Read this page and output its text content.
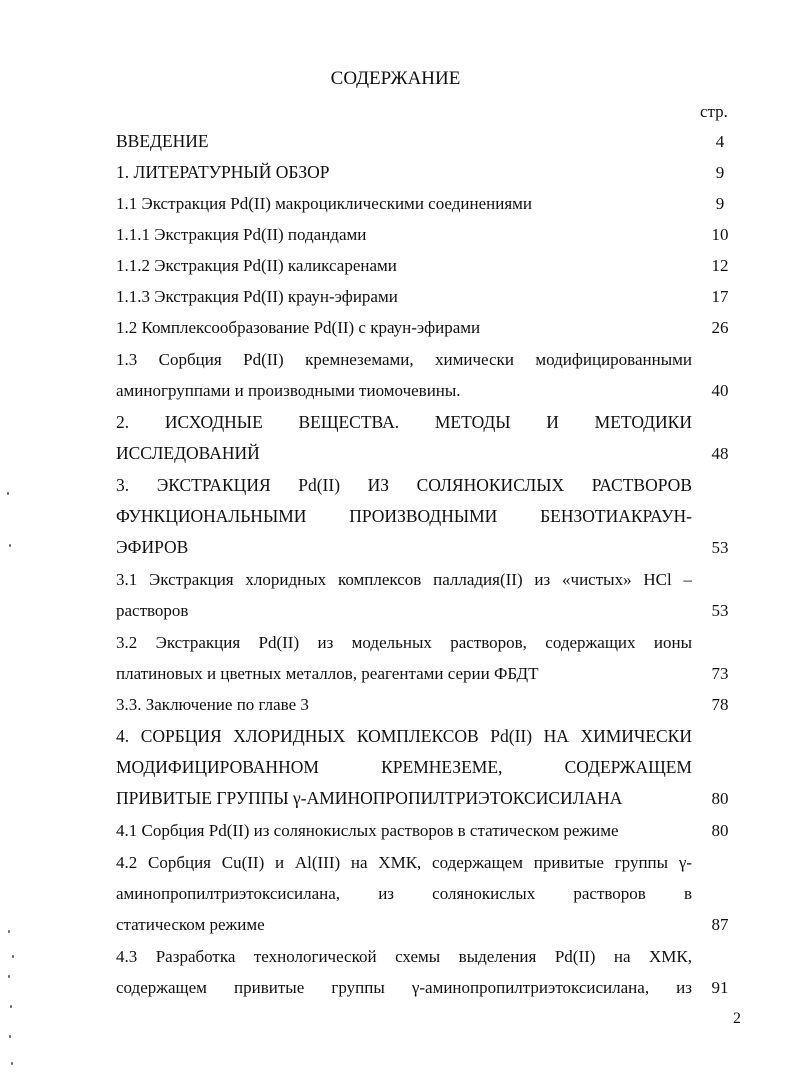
СОДЕРЖАНИЕ
стр.
ВВЕДЕНИЕ	4
1. ЛИТЕРАТУРНЫЙ ОБЗОР	9
1.1 Экстракция Pd(II) макроциклическими соединениями	9
1.1.1 Экстракция Pd(II) подандами	10
1.1.2 Экстракция Pd(II) каликсаренами	12
1.1.3 Экстракция Pd(II) краун-эфирами	17
1.2 Комплексообразование Pd(II) с краун-эфирами	26
1.3 Сорбция Pd(II) кремнеземами, химически модифицированными
аминогруппами и производными тиомочевины.	40
2. ИСХОДНЫЕ ВЕЩЕСТВА. МЕТОДЫ И МЕТОДИКИ
ИССЛЕДОВАНИЙ	48
3. ЭКСТРАКЦИЯ Pd(II) ИЗ СОЛЯНОКИСЛЫХ РАСТВОРОВ
ФУНКЦИОНАЛЬНЫМИ ПРОИЗВОДНЫМИ БЕНЗОТИАКРАУН-
ЭФИРОВ	53
3.1 Экстракция хлоридных комплексов палладия(II) из «чистых» HCl –
растворов	53
3.2 Экстракция Pd(II) из модельных растворов, содержащих ионы
платиновых и цветных металлов, реагентами серии ФБДТ	73
3.3. Заключение по главе 3	78
4. СОРБЦИЯ ХЛОРИДНЫХ КОМПЛЕКСОВ Pd(II) НА ХИМИЧЕСКИ
МОДИФИЦИРОВАННОМ КРЕМНЕЗЕМЕ, СОДЕРЖАЩЕМ
ПРИВИТЫЕ ГРУППЫ γ-АМИНОПРОПИЛТРИЭТОКСИСИЛАНА	80
4.1 Сорбция Pd(II) из солянокислых растворов в статическом режиме	80
4.2 Сорбция Cu(II) и Al(III) на ХМК, содержащем привитые группы γ-
аминопропилтриэтоксисилана, из солянокислых растворов в
статическом режиме	87
4.3 Разработка технологической схемы выделения Pd(II) на ХМК,
содержащем привитые группы γ-аминопропилтриэтоксисилана, из	91
2
